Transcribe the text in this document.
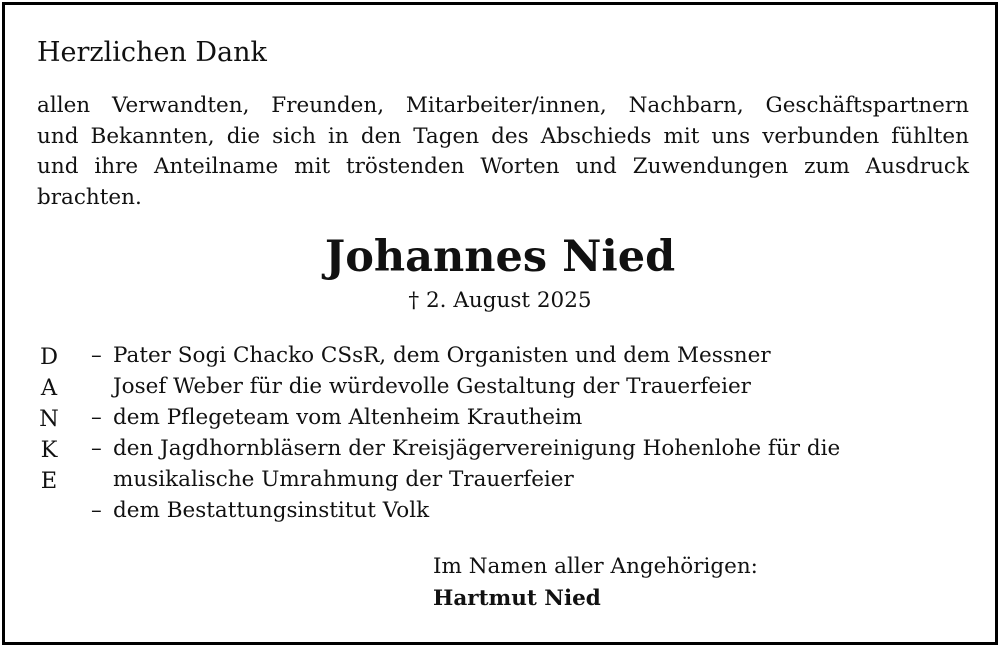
Herzlichen Dank
allen Verwandten, Freunden, Mitarbeiter/innen, Nachbarn, Geschäftspartnern
und Bekannten, die sich in den Tagen des Abschieds mit uns verbunden fühlten
und ihre Anteilname mit tröstenden Worten und Zuwendungen zum Ausdruck
brachten.
Johannes Nied
† 2. August 2025
D
A
N
K
E
– Pater Sogi Chacko CSsR, dem Organisten und dem Messner
Josef Weber für die würdevolle Gestaltung der Trauerfeier
– dem Pflegeteam vom Altenheim Krautheim
– den Jagdhornbläsern der Kreisjägervereinigung Hohenlohe für die
musikalische Umrahmung der Trauerfeier
– dem Bestattungsinstitut Volk
Im Namen aller Angehörigen:
Hartmut Nied
